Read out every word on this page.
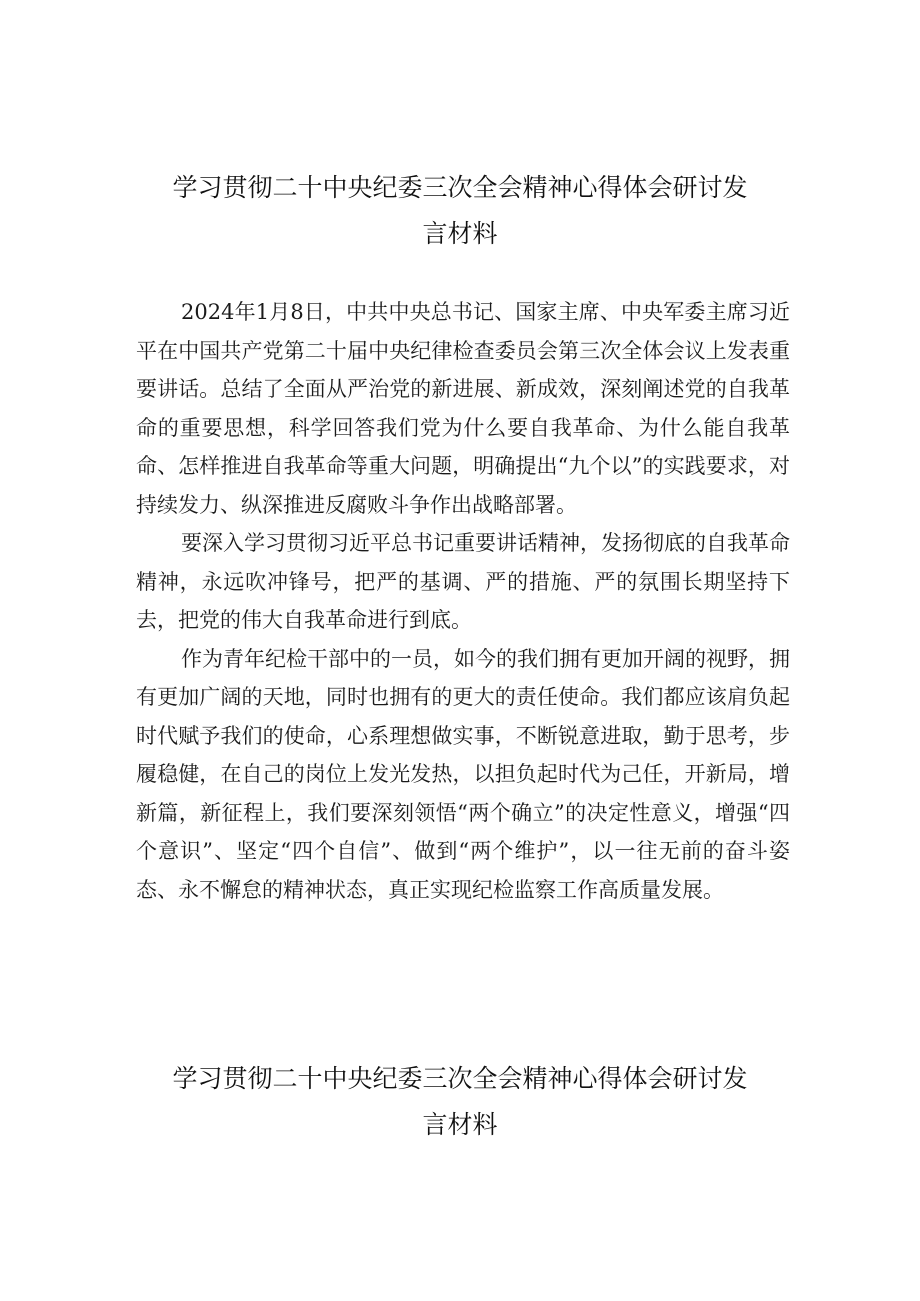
学习贯彻二十中央纪委三次全会精神心得体会研讨发
言材料

2024年1月8日，中共中央总书记、国家主席、中央军委主席习近平在中国共产党第二十届中央纪律检查委员会第三次全体会议上发表重要讲话。总结了全面从严治党的新进展、新成效，深刻阐述党的自我革命的重要思想，科学回答我们党为什么要自我革命、为什么能自我革命、怎样推进自我革命等重大问题，明确提出“九个以”的实践要求，对持续发力、纵深推进反腐败斗争作出战略部署。

要深入学习贯彻习近平总书记重要讲话精神，发扬彻底的自我革命精神，永远吹冲锋号，把严的基调、严的措施、严的氛围长期坚持下去，把党的伟大自我革命进行到底。

作为青年纪检干部中的一员，如今的我们拥有更加开阔的视野，拥有更加广阔的天地，同时也拥有的更大的责任使命。我们都应该肩负起时代赋予我们的使命，心系理想做实事，不断锐意进取，勤于思考，步履稳健，在自己的岗位上发光发热，以担负起时代为己任，开新局，增新篇，新征程上，我们要深刻领悟“两个确立”的决定性意义，增强“四个意识”、坚定“四个自信”、做到“两个维护”，以一往无前的奋斗姿态、永不懈怠的精神状态，真正实现纪检监察工作高质量发展。

学习贯彻二十中央纪委三次全会精神心得体会研讨发
言材料
